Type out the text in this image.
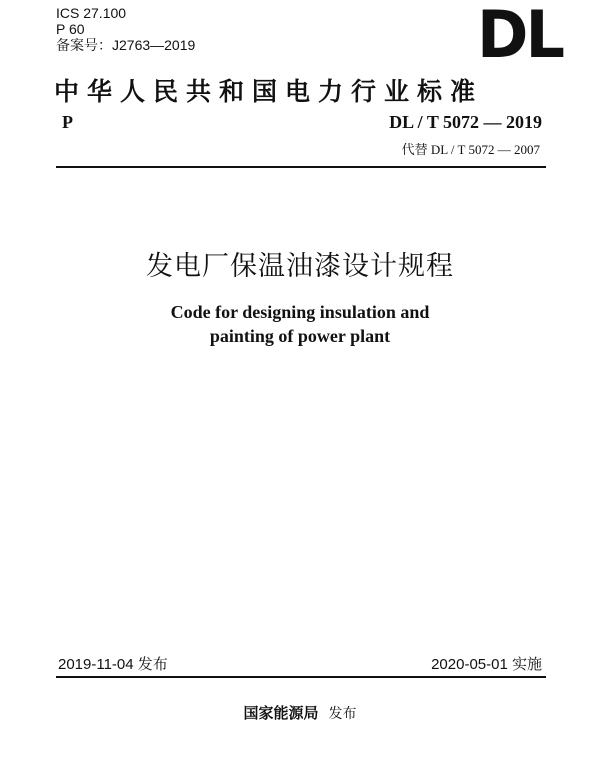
ICS 27.100
P 60
备案号：J2763—2019	DL
中华人民共和国电力行业标准
P	DL / T 5072 — 2019
代替 DL / T 5072 — 2007
发电厂保温油漆设计规程
Code for designing insulation and
painting of power plant
2019-11-04 发布	2020-05-01 实施
国家能源局 发布
